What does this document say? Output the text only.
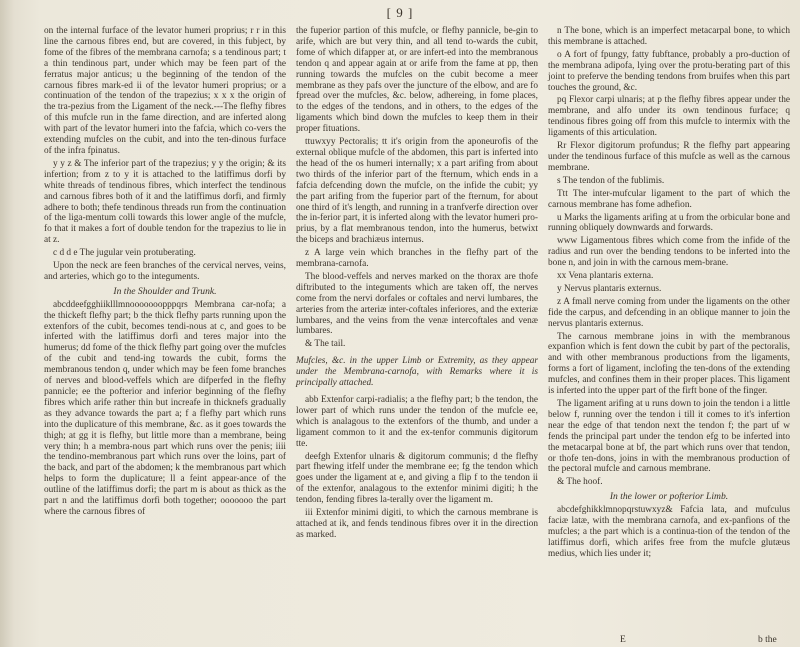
[ 9 ]

on the internal furface of the levator humeri proprius; r r in this line the carnous fibres end, but are covered, in this fubject, by fome of the fibres of the membrana carnofa; s a tendinous part; t a thin tendinous part, under which may be feen part of the ferratus major anticus; u the beginning of the tendon of the carnous fibres mark-ed ii of the levator humeri proprius; or a continuation of the tendon of the trapezius; x x x the origin of the tra-pezius from the Ligament of the neck.---The flefhy fibres of this mufcle run in the fame direction, and are inferted along with part of the levator humeri into the fafcia, which co-vers the extending mufcles on the cubit, and into the ten-dinous furface of the infra fpinatus.

y y z & The inferior part of the trapezius; y y the origin; & its infertion; from z to y it is attached to the latiffimus dorfi by white threads of tendinous fibres, which interfect the tendinous and carnous fibres both of it and the latiffimus dorfi, and firmly adhere to both; thefe tendinous threads run from the continuation of the liga-mentum colli towards this lower angle of the mufcle, fo that it makes a fort of double tendon for the trapezius to lie in at z.

c d d e The jugular vein protuberating.

Upon the neck are feen branches of the cervical nerves, veins, and arteries, which go to the integuments.

In the Shoulder and Trunk.

abcddeefgghiiklllmnooooooopppqrs Membrana car-nofa; a the thickeft flefhy part; b the thick flefhy parts running upon the extenfors of the cubit, becomes tendi-nous at c, and goes to be inferted with the latiffimus dorfi and teres major into the humerus; dd fome of the thick flefhy part going over the mufcles of the cubit and tend-ing towards the cubit, forms the membranous tendon q, under which may be feen fome branches of nerves and blood-veffels which are difperfed in the flefhy pannicle; ee the pofterior and inferior beginning of the flefhy fibres which arife rather thin but increafe in thicknefs gradually as they advance towards the part a; f a flefhy part which runs into the duplicature of this membrane, &c. as it goes towards the thigh; at gg it is flefhy, but little more than a membrane, being very thin; h a membra-nous part which runs over the penis; iiii the tendino-membranous part which runs over the loins, part of the back, and part of the abdomen; k the membranous part which helps to form the duplicature; ll a feint appear-ance of the outline of the latiffimus dorfi; the part m is about as thick as the part n and the latiffimus dorfi both together; ooooooo the part where the carnous fibres of

the fuperior partion of this mufcle, or flefhy pannicle, be-gin to arife, which are but very thin, and all tend to-wards the cubit, fome of which difapper at, or are infert-ed into the membranous tendon q and appear again at or arife from the fame at pp, then running towards the mufcles on the cubit become a meer membrane as they pafs over the juncture of the elbow, and are fo fpread over the mufcles, &c. below, adhereing, in fome places, to the edges of the tendons, and in others, to the edges of the ligaments which bind down the mufcles to keep them in their proper fituations.

ttuwxyy Pectoralis; tt it's origin from the aponeurofis of the external oblique mufcle of the abdomen, this part is inferted into the head of the os humeri internally; x a part arifing from about two thirds of the inferior part of the fternum, which ends in a fafcia defcending down the mufcle, on the infide the cubit; yy the part arifing from the fuperior part of the fternum, for about one third of it's length, and running in a tranfverfe direction over the in-ferior part, it is inferted along with the levator humeri pro-prius, by a flat membranous tendon, into the humerus, betwixt the biceps and brachiæus internus.

z A large vein which branches in the flefhy part of the membrana-carnofa.

The blood-veffels and nerves marked on the thorax are thofe diftributed to the integuments which are taken off, the nerves come from the nervi dorfales or coftales and nervi lumbares, the arteries from the arteriæ inter-coftales inferiores, and the exteriæ lumbares, and the veins from the venæ intercoftales and venæ lumbares.

& The tail.

Mufcles, &c. in the upper Limb or Extremity, as they appear under the Membrana-carnofa, with Remarks where it is principally attached.

abb Extenfor carpi-radialis; a the flefhy part; b the tendon, the lower part of which runs under the tendon of the mufcle ee, which is analagous to the extenfors of the thumb, and under a ligament common to it and the ex-tenfor communis digitorum tte.

deefgh Extenfor ulnaris & digitorum communis; d the flefhy part fhewing itfelf under the membrane ee; fg the tendon which goes under the ligament at e, and giving a flip f to the tendon ii of the extenfor, analagous to the extenfor minimi digiti; h the tendon, fending fibres la-terally over the ligament m.

iii Extenfor minimi digiti, to which the carnous membrane is attached at ik, and fends tendinous fibres over it in the direction as marked.

n The bone, which is an imperfect metacarpal bone, to which this membrane is attached.

o A fort of fpungy, fatty fubftance, probably a pro-duction of the membrana adipofa, lying over the protu-berating part of this joint to preferve the bending tendons from bruifes when this part touches the ground, &c.

pq Flexor carpi ulnaris; at p the flefhy fibres appear under the membrane, and alfo under its own tendinous furface; q tendinous fibres going off from this mufcle to intermix with the ligaments of this articulation.

Rr Flexor digitorum profundus; R the flefhy part appearing under the tendinous furface of this mufcle as well as the carnous membrane.

s The tendon of the fublimis.

Ttt The inter-mufcular ligament to the part of which the carnous membrane has fome adhefion.

u Marks the ligaments arifing at u from the orbicular bone and running obliquely downwards and forwards.

www Ligamentous fibres which come from the infide of the radius and run over the bending tendons to be inferted into the bone n, and join in with the carnous mem-brane.

xx Vena plantaris externa.

y Nervus plantaris externus.

z A fmall nerve coming from under the ligaments on the other fide the carpus, and defcending in an oblique manner to join the nervus plantaris externus.

The carnous membrane joins in with the membranous expanfion which is fent down the cubit by part of the pectoralis, and with other membranous productions from the ligaments, forms a fort of ligament, inclofing the ten-dons of the extending mufcles, and confines them in their proper places. This ligament is inferted into the upper part of the firft bone of the finger.

The ligament arifing at u runs down to join the tendon i a little below f, running over the tendon i till it comes to it's infertion near the edge of that tendon next the tendon f; the part uf w fends the principal part under the tendon efg to be inferted into the metacarpal bone at bf, the part which runs over that tendon, or thofe ten-dons, joins in with the membranous production of the pectoral mufcle and carnous membrane.

& The hoof.

In the lower or pofterior Limb.

abcdefghikklmnopqrstuwxyz& Fafcia lata, and mufculus faciæ latæ, with the membrana carnofa, and ex-panfions of the mufcles; a the part which is a continua-tion of the tendon of the latiffimus dorfi, which arifes free from the mufcle glutæus medius, which lies under it;

E	b the
